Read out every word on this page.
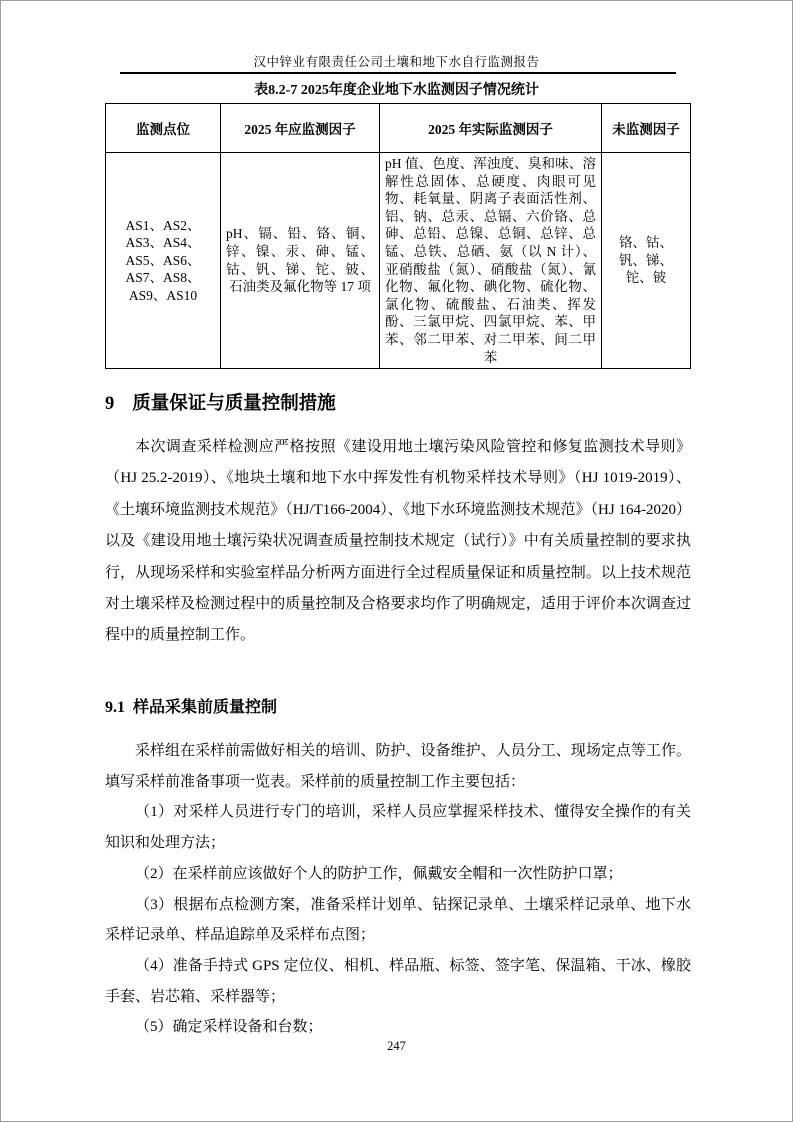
汉中锌业有限责任公司土壤和地下水自行监测报告
表8.2-7 2025年度企业地下水监测因子情况统计
监测点位	2025 年应监测因子	2025 年实际监测因子	未监测因子
AS1、AS2、AS3、AS4、AS5、AS6、AS7、AS8、AS9、AS10	pH、镉、铅、铬、铜、锌、镍、汞、砷、锰、钴、钒、锑、铊、铍、石油类及氟化物等 17 项	pH 值、色度、浑浊度、臭和味、溶解性总固体、总硬度、肉眼可见物、耗氧量、阴离子表面活性剂、铝、钠、总汞、总镉、六价铬、总砷、总铅、总镍、总铜、总锌、总锰、总铁、总硒、氨（以 N 计）、亚硝酸盐（氮）、硝酸盐（氮）、氰化物、氟化物、碘化物、硫化物、氯化物、硫酸盐、石油类、挥发酚、三氯甲烷、四氯甲烷、苯、甲苯、邻二甲苯、对二甲苯、间二甲苯	铬、钴、钒、锑、铊、铍
9 质量保证与质量控制措施

本次调查采样检测应严格按照《建设用地土壤污染风险管控和修复监测技术导则》（HJ 25.2-2019）、《地块土壤和地下水中挥发性有机物采样技术导则》（HJ 1019-2019）、《土壤环境监测技术规范》（HJ/T166-2004）、《地下水环境监测技术规范》（HJ 164-2020）以及《建设用地土壤污染状况调查质量控制技术规定（试行）》中有关质量控制的要求执行，从现场采样和实验室样品分析两方面进行全过程质量保证和质量控制。以上技术规范对土壤采样及检测过程中的质量控制及合格要求均作了明确规定，适用于评价本次调查过程中的质量控制工作。

9.1 样品采集前质量控制

采样组在采样前需做好相关的培训、防护、设备维护、人员分工、现场定点等工作。填写采样前准备事项一览表。采样前的质量控制工作主要包括：

（1）对采样人员进行专门的培训，采样人员应掌握采样技术、懂得安全操作的有关知识和处理方法；

（2）在采样前应该做好个人的防护工作，佩戴安全帽和一次性防护口罩；

（3）根据布点检测方案，准备采样计划单、钻探记录单、土壤采样记录单、地下水采样记录单、样品追踪单及采样布点图；

（4）准备手持式 GPS 定位仪、相机、样品瓶、标签、签字笔、保温箱、干冰、橡胶手套、岩芯箱、采样器等；

（5）确定采样设备和台数；

247
